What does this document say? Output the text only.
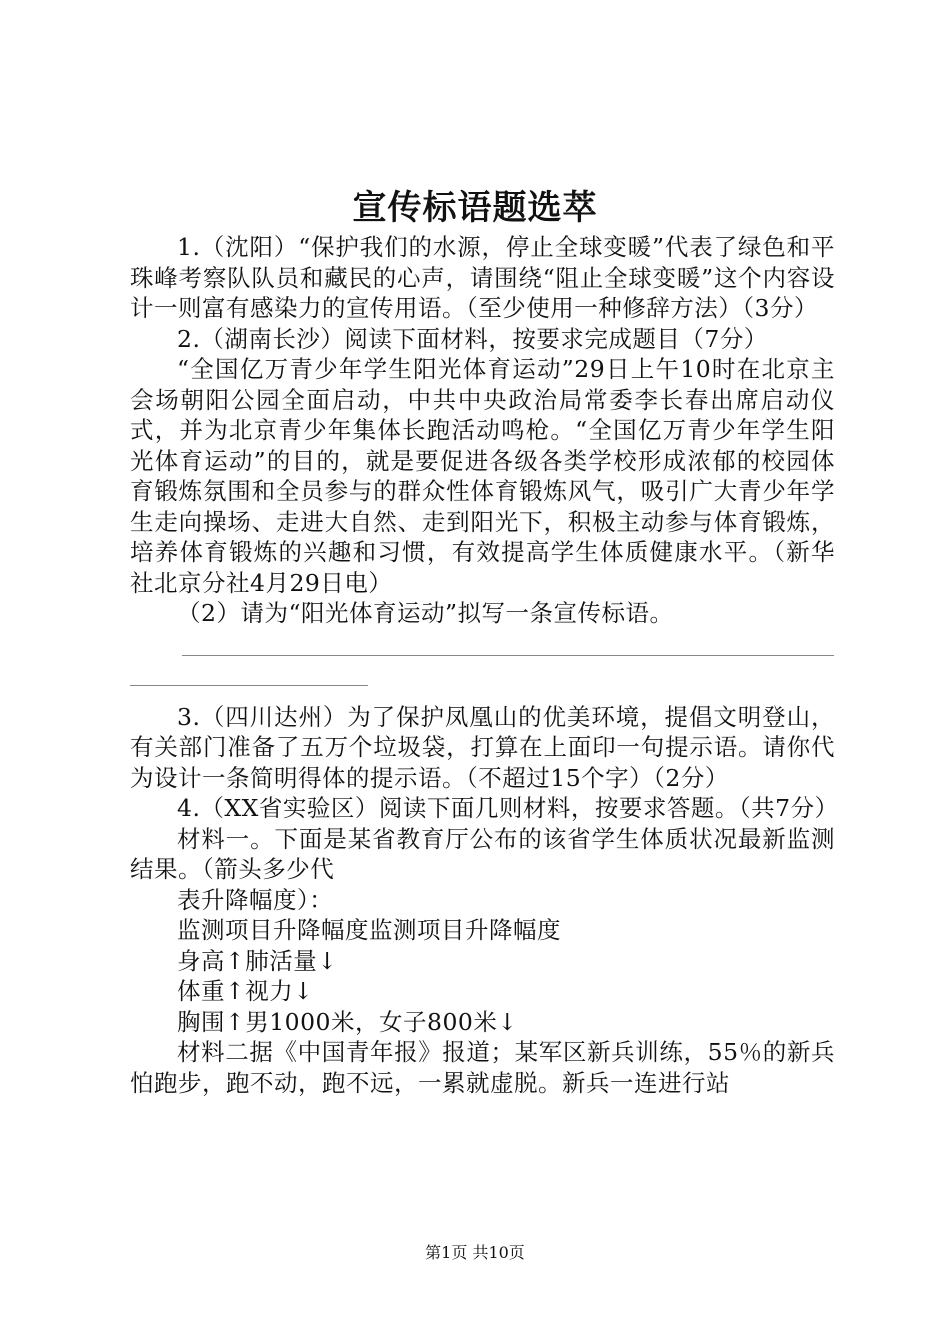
宣传标语题选萃

1.（沈阳）“保护我们的水源，停止全球变暖”代表了绿色和平珠峰考察队队员和藏民的心声，请围绕“阻止全球变暖”这个内容设计一则富有感染力的宣传用语。（至少使用一种修辞方法）（3分）

2.（湖南长沙）阅读下面材料，按要求完成题目（7分）

“全国亿万青少年学生阳光体育运动”29日上午10时在北京主会场朝阳公园全面启动，中共中央政治局常委李长春出席启动仪式，并为北京青少年集体长跑活动鸣枪。“全国亿万青少年学生阳光体育运动”的目的，就是要促进各级各类学校形成浓郁的校园体育锻炼氛围和全员参与的群众性体育锻炼风气，吸引广大青少年学生走向操场、走进大自然、走到阳光下，积极主动参与体育锻炼，培养体育锻炼的兴趣和习惯，有效提高学生体质健康水平。（新华社北京分社4月29日电）

（2）请为“阳光体育运动”拟写一条宣传标语。

3.（四川达州）为了保护凤凰山的优美环境，提倡文明登山，有关部门准备了五万个垃圾袋，打算在上面印一句提示语。请你代为设计一条简明得体的提示语。（不超过15个字）（2分）

4.（XX省实验区）阅读下面几则材料，按要求答题。（共7分）

材料一。下面是某省教育厅公布的该省学生体质状况最新监测结果。（箭头多少代

表升降幅度）：

监测项目升降幅度监测项目升降幅度

身高↑肺活量↓

体重↑视力↓

胸围↑男1000米，女子800米↓

材料二据《中国青年报》报道；某军区新兵训练，55％的新兵怕跑步，跑不动，跑不远，一累就虚脱。新兵一连进行站

第1页 共10页
